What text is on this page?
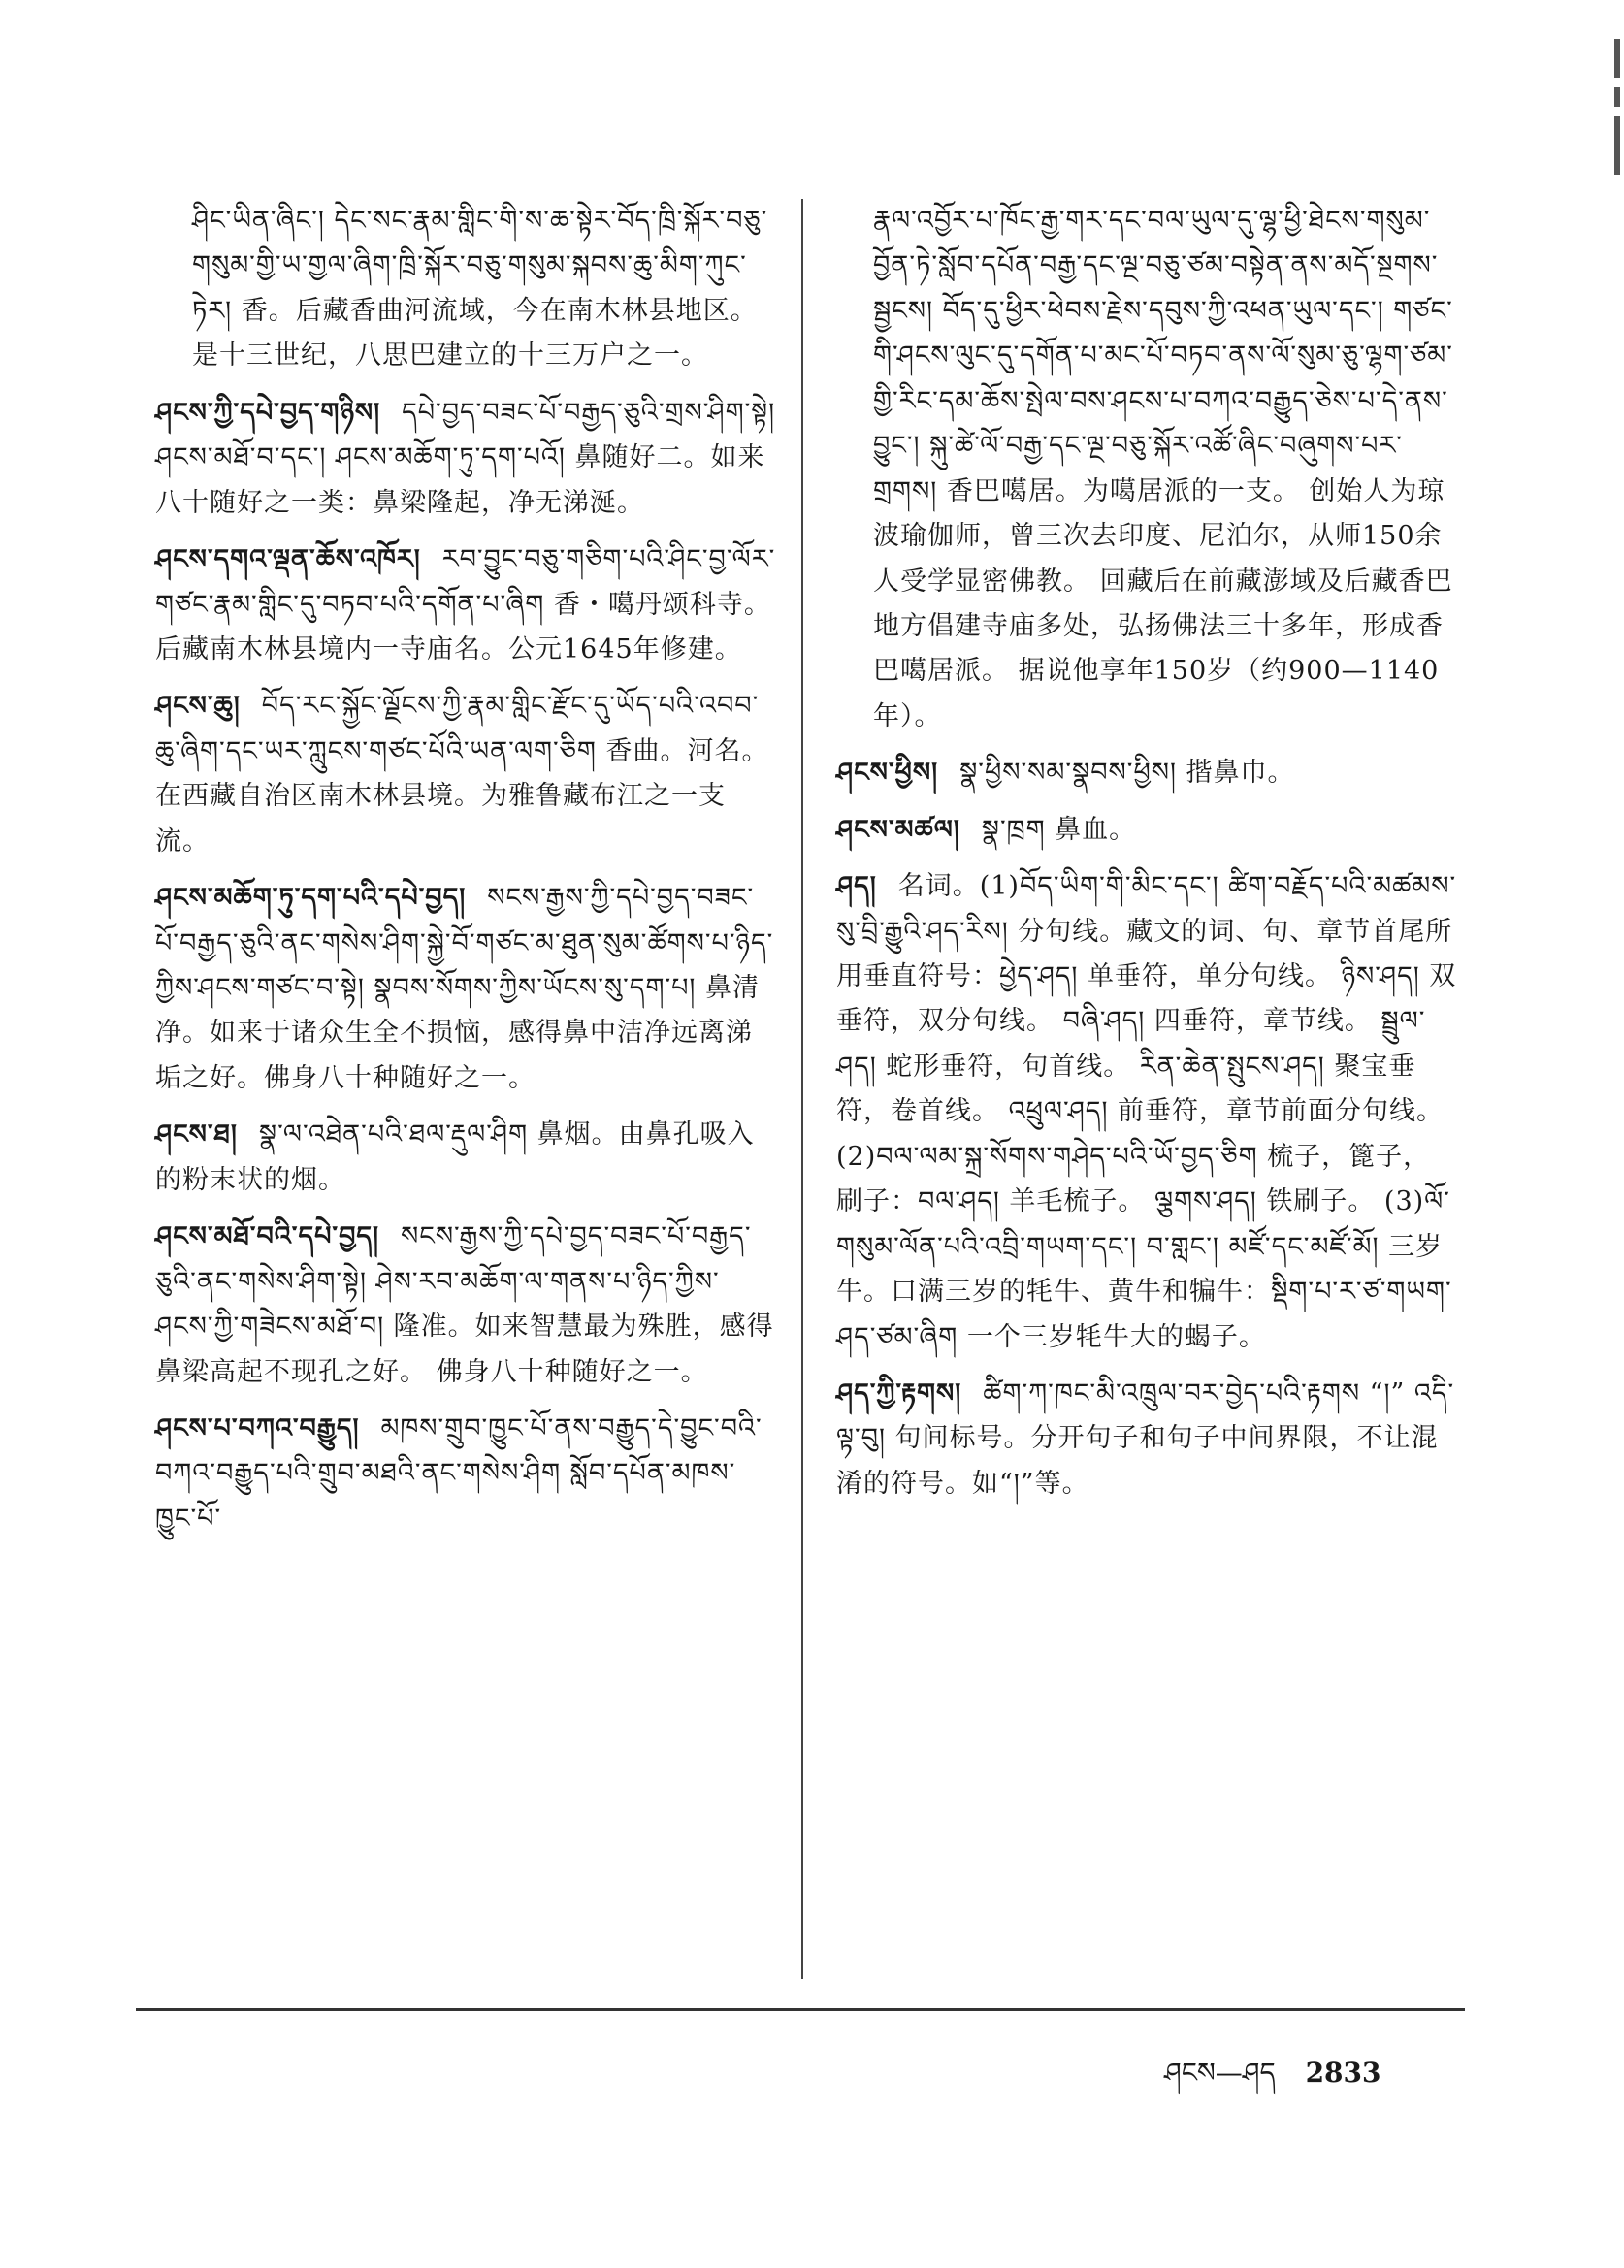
ཤིང་ཡིན་ཞིང་། དེང་སང་རྣམ་གླིང་གི་ས་ཆ་སྟེར་བོད་ཁྲི་སྐོར་བཅུ་གསུམ་གྱི་ཡ་གྱལ་ཞིག་ཁྲི་སྐོར་བཅུ་གསུམ་སྐབས་ཆུ་མིག་ཀུང་ཏེར། 香。后藏香曲河流域，今在南木林县地区。 是十三世纪，八思巴建立的十三万户之一。
ཤངས་ཀྱི་དཔེ་བྱད་གཉིས། དཔེ་བྱད་བཟང་པོ་བརྒྱད་ཅུའི་གྲས་ཤིག་སྟེ། ཤངས་མཐོ་བ་དང་། ཤངས་མཆོག་ཏུ་དག་པའོ། 鼻随好二。如来八十随好之一类：鼻梁隆起，净无涕涎。
ཤངས་དགའ་ལྡན་ཆོས་འཁོར། རབ་བྱུང་བཅུ་གཅིག་པའི་ཤིང་བྱ་ལོར་གཙང་རྣམ་གླིང་དུ་བཏབ་པའི་དགོན་པ་ཞིག 香・噶丹颂科寺。后藏南木林县境内一寺庙名。公元1645年修建。
ཤངས་ཆུ། བོད་རང་སྐྱོང་ལྗོངས་ཀྱི་རྣམ་གླིང་རྫོང་དུ་ཡོད་པའི་འབབ་ཆུ་ཞིག་དང་ཡར་ཀླུངས་གཙང་པོའི་ཡན་ལག་ཅིག 香曲。河名。在西藏自治区南木林县境。为雅鲁藏布江之一支流。
ཤངས་མཆོག་ཏུ་དག་པའི་དཔེ་བྱད། སངས་རྒྱས་ཀྱི་དཔེ་བྱད་བཟང་པོ་བརྒྱད་ཅུའི་ནང་གསེས་ཤིག་སྐྱེ་བོ་གཙང་མ་ཐུན་སུམ་ཚོགས་པ་ཉིད་ཀྱིས་ཤངས་གཙང་བ་སྟེ། སྣབས་སོགས་ཀྱིས་ཡོངས་སུ་དག་པ། 鼻清净。如来于诸众生全不损恼，感得鼻中洁净远离涕垢之好。佛身八十种随好之一。
ཤངས་ཐ། སྣ་ལ་འཐེན་པའི་ཐལ་རྡུལ་ཤིག 鼻烟。由鼻孔吸入的粉末状的烟。
ཤངས་མཐོ་བའི་དཔེ་བྱད། སངས་རྒྱས་ཀྱི་དཔེ་བྱད་བཟང་པོ་བརྒྱད་ཅུའི་ནང་གསེས་ཤིག་སྟེ། ཤེས་རབ་མཆོག་ལ་གནས་པ་ཉིད་ཀྱིས་ཤངས་ཀྱི་གཟེངས་མཐོ་བ། 隆准。如来智慧最为殊胜，感得鼻梁高起不现孔之好。 佛身八十种随好之一。
ཤངས་པ་བཀའ་བརྒྱུད། མཁས་གྲུབ་ཁྱུང་པོ་ནས་བརྒྱུད་དེ་བྱུང་བའི་བཀའ་བརྒྱུད་པའི་གྲུབ་མཐའི་ནང་གསེས་ཤིག སློབ་དཔོན་མཁས་ཁྱུང་པོ་
རྣལ་འབྱོར་པ་ཁོང་རྒྱ་གར་དང་བལ་ཡུལ་དུ་ལྷ་ཕྱི་ཐེངས་གསུམ་བྱོན་ཏེ་སློབ་དཔོན་བརྒྱ་དང་ལྔ་བཅུ་ཙམ་བསྟེན་ནས་མདོ་སྔགས་སྦྱངས། བོད་དུ་ཕྱིར་ཕེབས་རྗེས་དབུས་ཀྱི་འཕན་ཡུལ་དང་། གཙང་གི་ཤངས་ལུང་དུ་དགོན་པ་མང་པོ་བཏབ་ནས་ལོ་སུམ་ཅུ་ལྷག་ཙམ་གྱི་རིང་དམ་ཆོས་སྤེལ་བས་ཤངས་པ་བཀའ་བརྒྱུད་ཅེས་པ་དེ་ནས་བྱུང་། སྐུ་ཚེ་ལོ་བརྒྱ་དང་ལྔ་བཅུ་སྐོར་འཚོ་ཞིང་བཞུགས་པར་གྲགས། 香巴噶居。为噶居派的一支。 创始人为琼波瑜伽师，曾三次去印度、尼泊尔，从师150余人受学显密佛教。 回藏后在前藏澎域及后藏香巴地方倡建寺庙多处，弘扬佛法三十多年，形成香巴噶居派。 据说他享年150岁（约900—1140年）。
ཤངས་ཕྱིས། སྣ་ཕྱིས་སམ་སྣབས་ཕྱིས། 揩鼻巾。
ཤངས་མཚལ། སྣ་ཁྲག 鼻血。
ཤད། 名词。(1)བོད་ཡིག་གི་མིང་དང་། ཚིག་བརྗོད་པའི་མཚམས་སུ་བྲི་རྒྱུའི་ཤད་རིས། 分句线。藏文的词、句、章节首尾所用垂直符号：ཕྱེད་ཤད། 单垂符，单分句线。 ཉིས་ཤད། 双垂符，双分句线。 བཞི་ཤད། 四垂符，章节线。 སྦྲུལ་ཤད། 蛇形垂符，句首线。 རིན་ཆེན་སྤུངས་ཤད། 聚宝垂符，卷首线。 འཕྲུལ་ཤད། 前垂符，章节前面分句线。(2)བལ་ལམ་སྐྲ་སོགས་གཤེད་པའི་ཡོ་བྱད་ཅིག 梳子，篦子，刷子：བལ་ཤད། 羊毛梳子。 ལྕགས་ཤད། 铁刷子。 (3)ལོ་གསུམ་ལོན་པའི་འབྲི་གཡག་དང་། བ་གླང་། མཛོ་དང་མཛོ་མོ། 三岁牛。口满三岁的牦牛、黄牛和犏牛：སྡིག་པ་ར་ཙ་གཡག་ཤད་ཙམ་ཞིག 一个三岁牦牛大的蝎子。
ཤད་ཀྱི་རྟགས། ཚིག་ཀ་ཁང་མི་འཁྲུལ་བར་བྱེད་པའི་རྟགས “།” འདི་ལྟ་བུ། 句间标号。分开句子和句子中间界限，不让混淆的符号。如“།”等。
ཤངས—ཤད 2833
